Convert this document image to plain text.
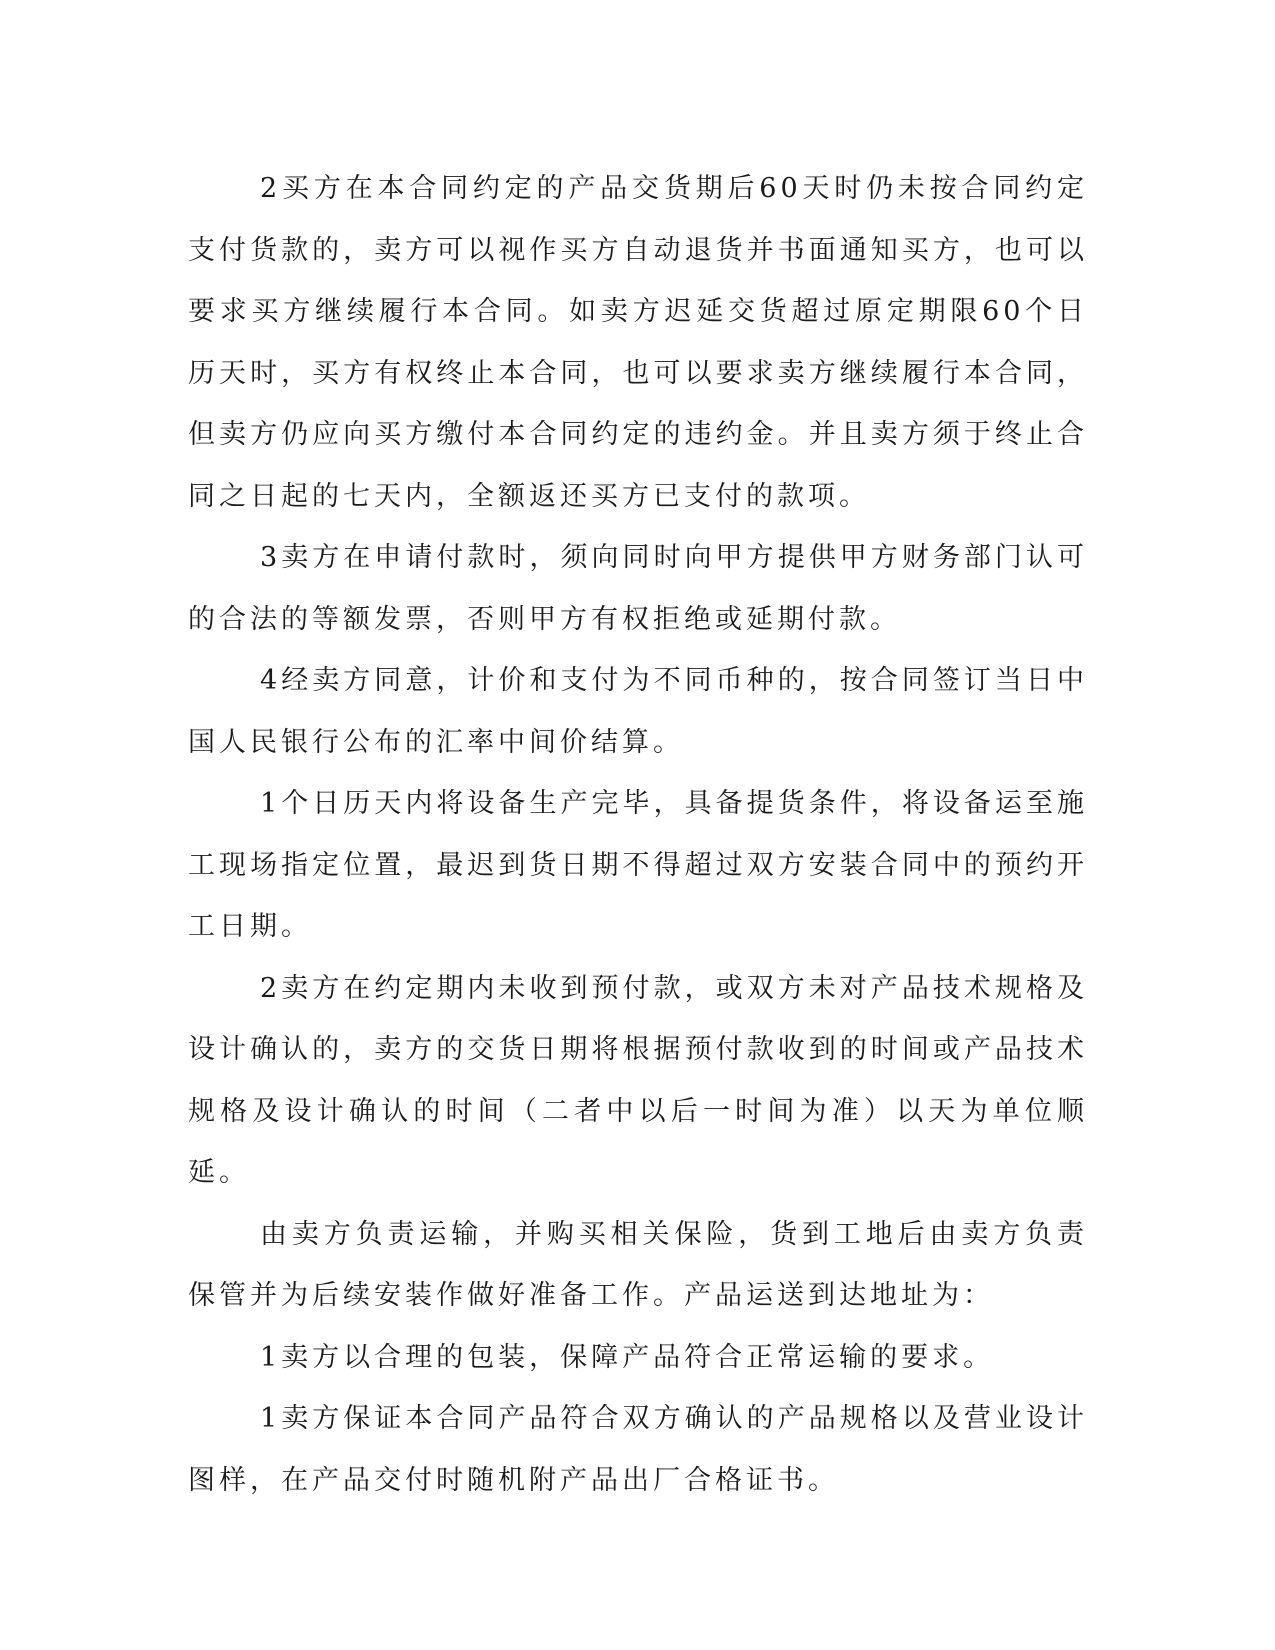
2买方在本合同约定的产品交货期后60天时仍未按合同约定支付货款的，卖方可以视作买方自动退货并书面通知买方，也可以要求买方继续履行本合同。如卖方迟延交货超过原定期限60个日历天时，买方有权终止本合同，也可以要求卖方继续履行本合同，但卖方仍应向买方缴付本合同约定的违约金。并且卖方须于终止合同之日起的七天内，全额返还买方已支付的款项。

3卖方在申请付款时，须向同时向甲方提供甲方财务部门认可的合法的等额发票，否则甲方有权拒绝或延期付款。

4经卖方同意，计价和支付为不同币种的，按合同签订当日中国人民银行公布的汇率中间价结算。

1个日历天内将设备生产完毕，具备提货条件，将设备运至施工现场指定位置，最迟到货日期不得超过双方安装合同中的预约开工日期。

2卖方在约定期内未收到预付款，或双方未对产品技术规格及设计确认的，卖方的交货日期将根据预付款收到的时间或产品技术规格及设计确认的时间（二者中以后一时间为准）以天为单位顺延。

由卖方负责运输，并购买相关保险，货到工地后由卖方负责保管并为后续安装作做好准备工作。产品运送到达地址为：

1卖方以合理的包装，保障产品符合正常运输的要求。

1卖方保证本合同产品符合双方确认的产品规格以及营业设计图样，在产品交付时随机附产品出厂合格证书。
